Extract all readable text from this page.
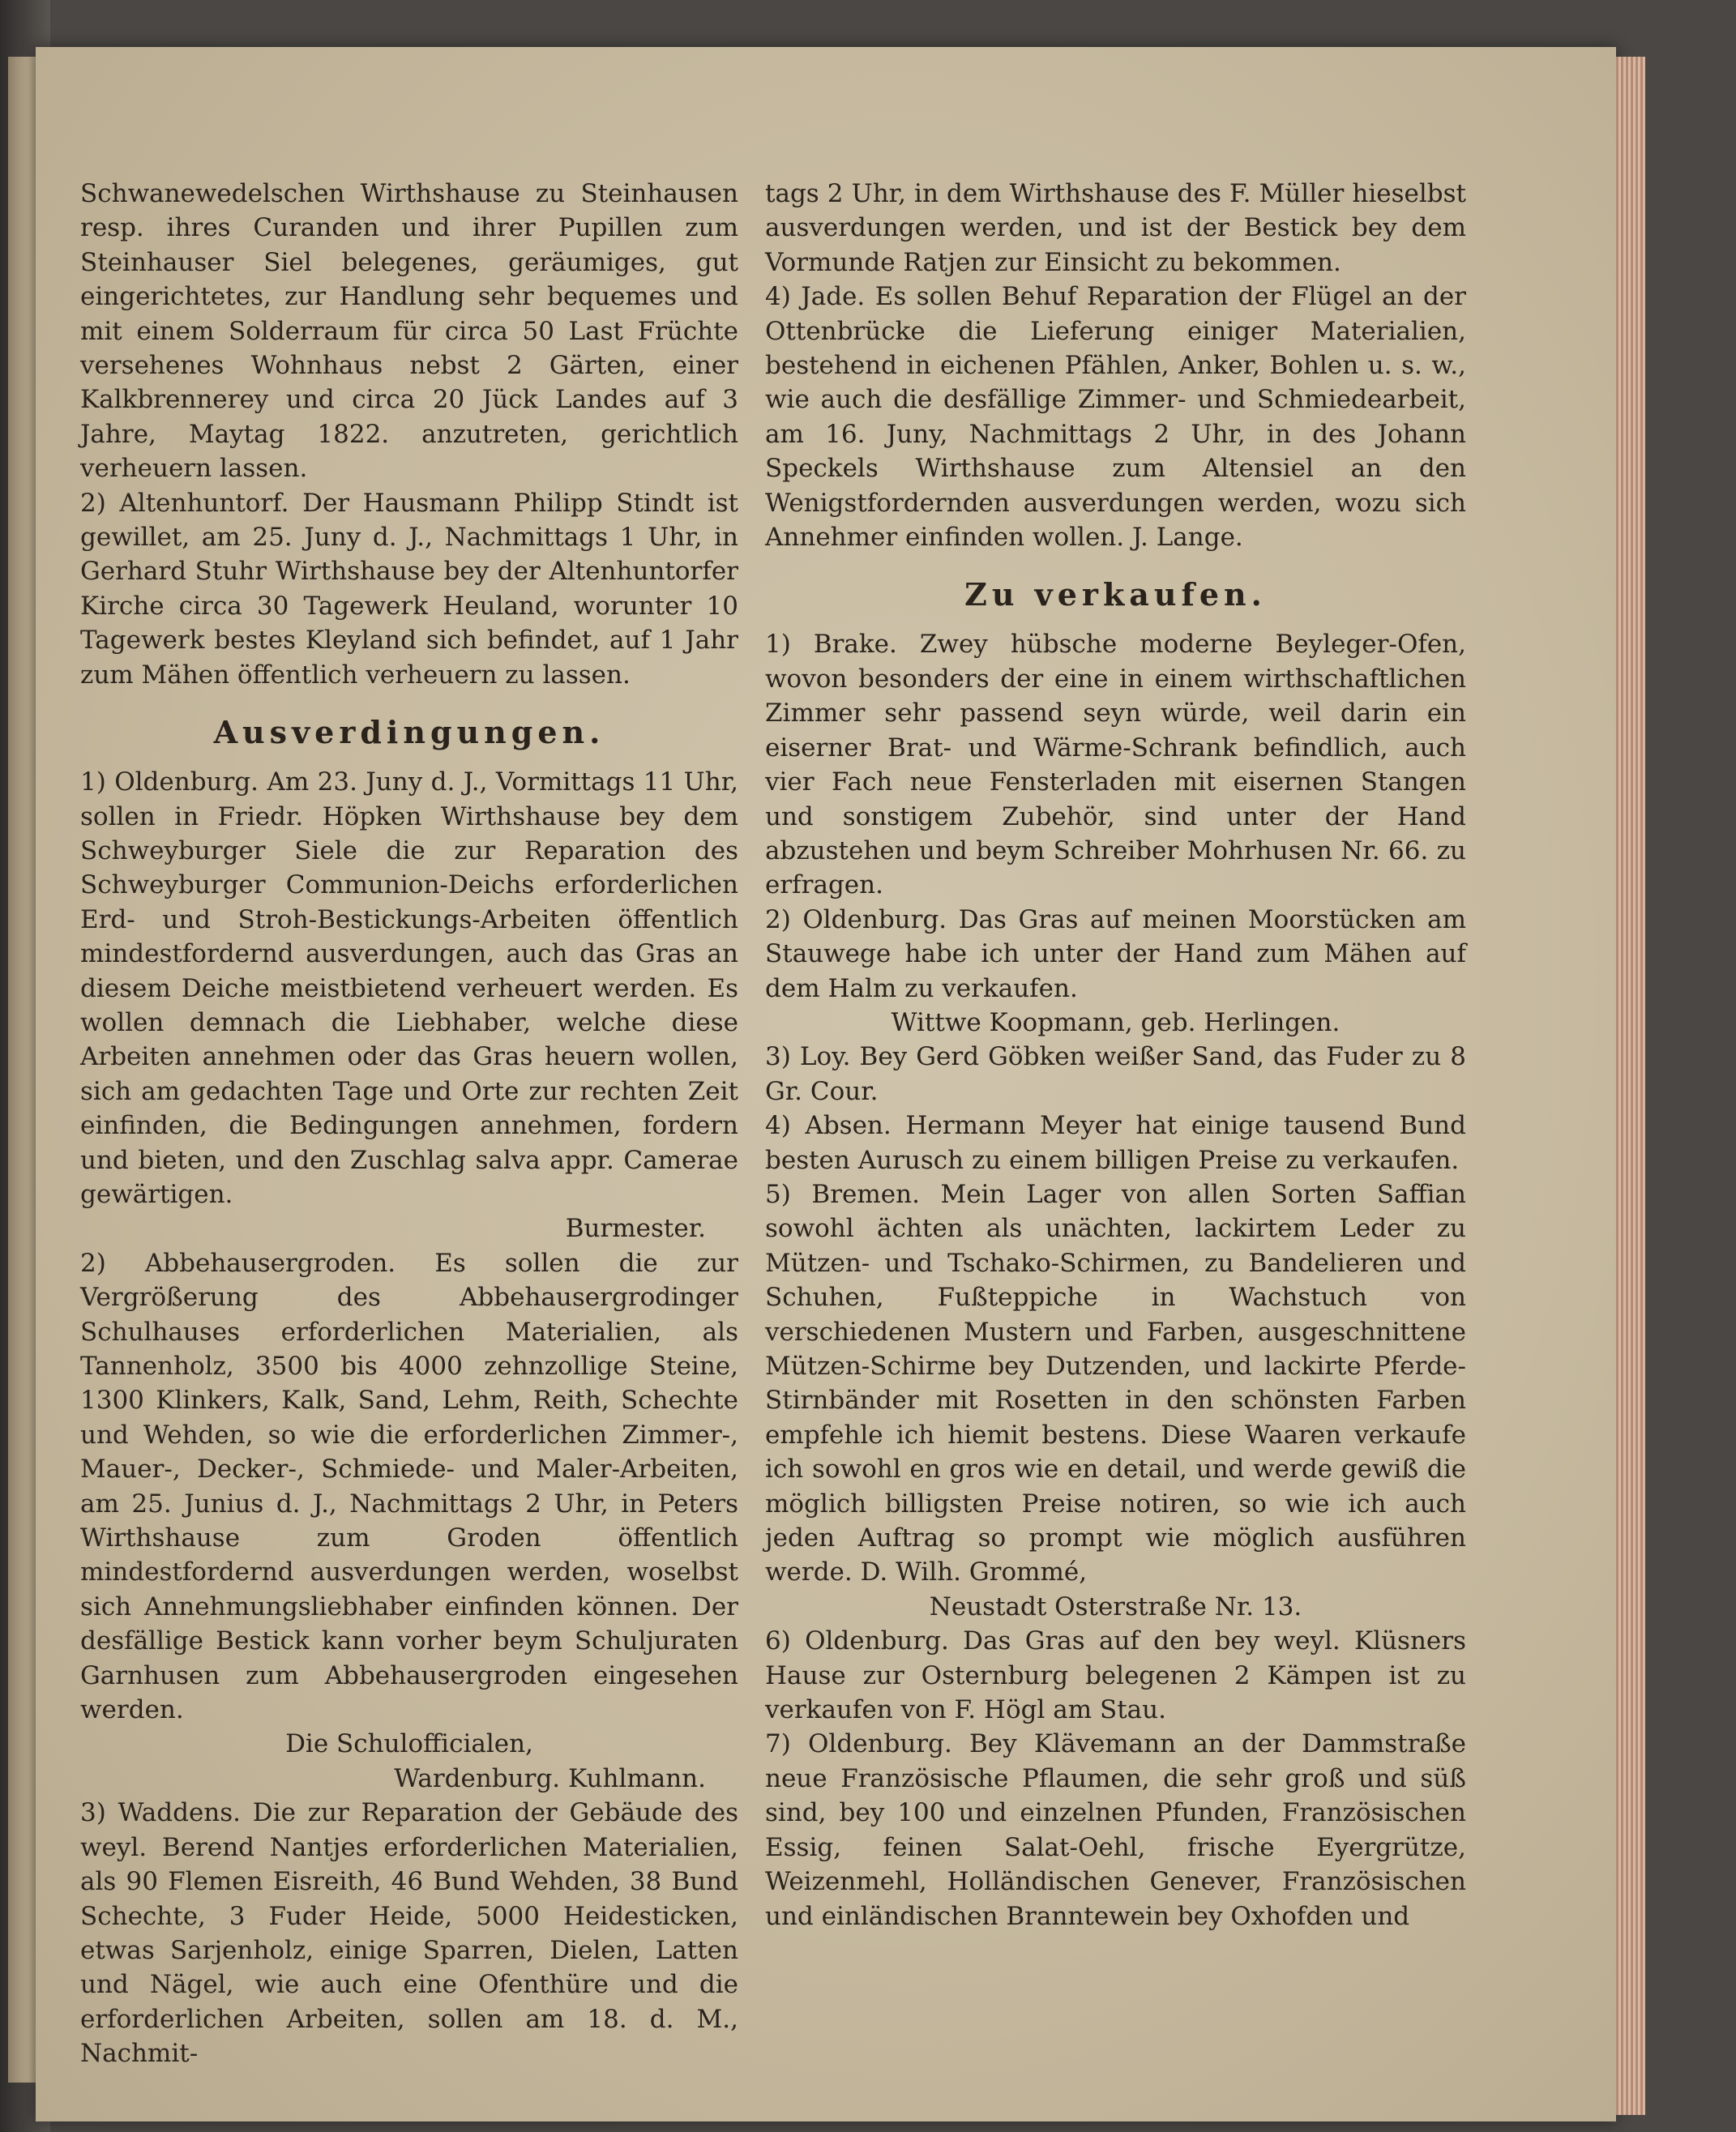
Schwanewedelschen Wirthshause zu Steinhausen resp. ihres Curanden und ihrer Pupillen zum Steinhauser Siel belegenes, geräumiges, gut eingerichtetes, zur Handlung sehr bequemes und mit einem Solderraum für circa 50 Last Früchte versehenes Wohnhaus nebst 2 Gärten, einer Kalkbrennerey und circa 20 Jück Landes auf 3 Jahre, Maytag 1822. anzutreten, gerichtlich verheuern lassen.

2) Altenhuntorf. Der Hausmann Philipp Stindt ist gewillet, am 25. Juny d. J., Nachmittags 1 Uhr, in Gerhard Stuhr Wirthshause bey der Altenhuntorfer Kirche circa 30 Tagewerk Heuland, worunter 10 Tagewerk bestes Kleyland sich befindet, auf 1 Jahr zum Mähen öffentlich verheuern zu lassen.

Ausverdingungen.

1) Oldenburg. Am 23. Juny d. J., Vormittags 11 Uhr, sollen in Friedr. Höpken Wirthshause bey dem Schweyburger Siele die zur Reparation des Schweyburger Communion-Deichs erforderlichen Erd- und Stroh-Bestickungs-Arbeiten öffentlich mindestfordernd ausverdungen, auch das Gras an diesem Deiche meistbietend verheuert werden. Es wollen demnach die Liebhaber, welche diese Arbeiten annehmen oder das Gras heuern wollen, sich am gedachten Tage und Orte zur rechten Zeit einfinden, die Bedingungen annehmen, fordern und bieten, und den Zuschlag salva appr. Camerae gewärtigen.

Burmester.

2) Abbehausergroden. Es sollen die zur Vergrößerung des Abbehausergrodinger Schulhauses erforderlichen Materialien, als Tannenholz, 3500 bis 4000 zehnzollige Steine, 1300 Klinkers, Kalk, Sand, Lehm, Reith, Schechte und Wehden, so wie die erforderlichen Zimmer-, Mauer-, Decker-, Schmiede- und Maler-Arbeiten, am 25. Junius d. J., Nachmittags 2 Uhr, in Peters Wirthshause zum Groden öffentlich mindestfordernd ausverdungen werden, woselbst sich Annehmungsliebhaber einfinden können. Der desfällige Bestick kann vorher beym Schuljuraten Garnhusen zum Abbehausergroden eingesehen werden.

Die Schulofficialen,

Wardenburg. Kuhlmann.

3) Waddens. Die zur Reparation der Gebäude des weyl. Berend Nantjes erforderlichen Materialien, als 90 Flemen Eisreith, 46 Bund Wehden, 38 Bund Schechte, 3 Fuder Heide, 5000 Heidesticken, etwas Sarjenholz, einige Sparren, Dielen, Latten und Nägel, wie auch eine Ofenthüre und die erforderlichen Arbeiten, sollen am 18. d. M., Nachmit-

tags 2 Uhr, in dem Wirthshause des F. Müller hieselbst ausverdungen werden, und ist der Bestick bey dem Vormunde Ratjen zur Einsicht zu bekommen.

4) Jade. Es sollen Behuf Reparation der Flügel an der Ottenbrücke die Lieferung einiger Materialien, bestehend in eichenen Pfählen, Anker, Bohlen u. s. w., wie auch die desfällige Zimmer- und Schmiedearbeit, am 16. Juny, Nachmittags 2 Uhr, in des Johann Speckels Wirthshause zum Altensiel an den Wenigstfordernden ausverdungen werden, wozu sich Annehmer einfinden wollen. J. Lange.

Zu verkaufen.

1) Brake. Zwey hübsche moderne Beyleger-Ofen, wovon besonders der eine in einem wirthschaftlichen Zimmer sehr passend seyn würde, weil darin ein eiserner Brat- und Wärme-Schrank befindlich, auch vier Fach neue Fensterladen mit eisernen Stangen und sonstigem Zubehör, sind unter der Hand abzustehen und beym Schreiber Mohrhusen Nr. 66. zu erfragen.

2) Oldenburg. Das Gras auf meinen Moorstücken am Stauwege habe ich unter der Hand zum Mähen auf dem Halm zu verkaufen.

Wittwe Koopmann, geb. Herlingen.

3) Loy. Bey Gerd Göbken weißer Sand, das Fuder zu 8 Gr. Cour.

4) Absen. Hermann Meyer hat einige tausend Bund besten Aurusch zu einem billigen Preise zu verkaufen.

5) Bremen. Mein Lager von allen Sorten Saffian sowohl ächten als unächten, lackirtem Leder zu Mützen- und Tschako-Schirmen, zu Bandelieren und Schuhen, Fußteppiche in Wachstuch von verschiedenen Mustern und Farben, ausgeschnittene Mützen-Schirme bey Dutzenden, und lackirte Pferde-Stirnbänder mit Rosetten in den schönsten Farben empfehle ich hiemit bestens. Diese Waaren verkaufe ich sowohl en gros wie en detail, und werde gewiß die möglich billigsten Preise notiren, so wie ich auch jeden Auftrag so prompt wie möglich ausführen werde. D. Wilh. Grommé,

Neustadt Osterstraße Nr. 13.

6) Oldenburg. Das Gras auf den bey weyl. Klüsners Hause zur Osternburg belegenen 2 Kämpen ist zu verkaufen von F. Högl am Stau.

7) Oldenburg. Bey Klävemann an der Dammstraße neue Französische Pflaumen, die sehr groß und süß sind, bey 100 und einzelnen Pfunden, Französischen Essig, feinen Salat-Oehl, frische Eyergrütze, Weizenmehl, Holländischen Genever, Französischen und einländischen Branntewein bey Oxhofden und
